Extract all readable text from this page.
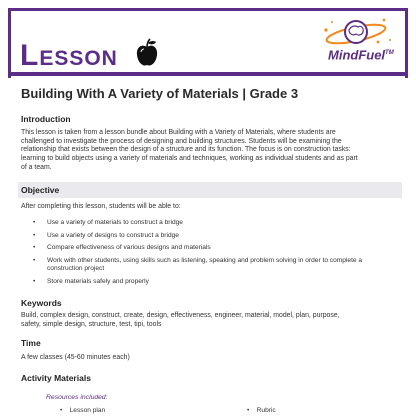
Lesson	MindFuel™
Building With A Variety of Materials | Grade 3
Introduction
This lesson is taken from a lesson bundle about Building with a Variety of Materials, where students are
challenged to investigate the process of designing and building structures. Students will be examining the
relationship that exists between the design of a structure and its function. The focus is on construction tasks:
learning to build objects using a variety of materials and techniques, working as individual students and as part
of a team.
Objective
After completing this lesson, students will be able to:
• Use a variety of materials to construct a bridge
• Use a variety of designs to construct a bridge
• Compare effectiveness of various designs and materials
• Work with other students, using skills such as listening, speaking and problem solving in order to complete a
construction project
• Store materials safely and properly
Keywords
Build, complex design, construct, create, design, effectiveness, engineer, material, model, plan, purpose,
safety, simple design, structure, test, tipi, tools
Time
A few classes (45-60 minutes each)
Activity Materials
Resources included:
• Lesson plan	• Rubric
